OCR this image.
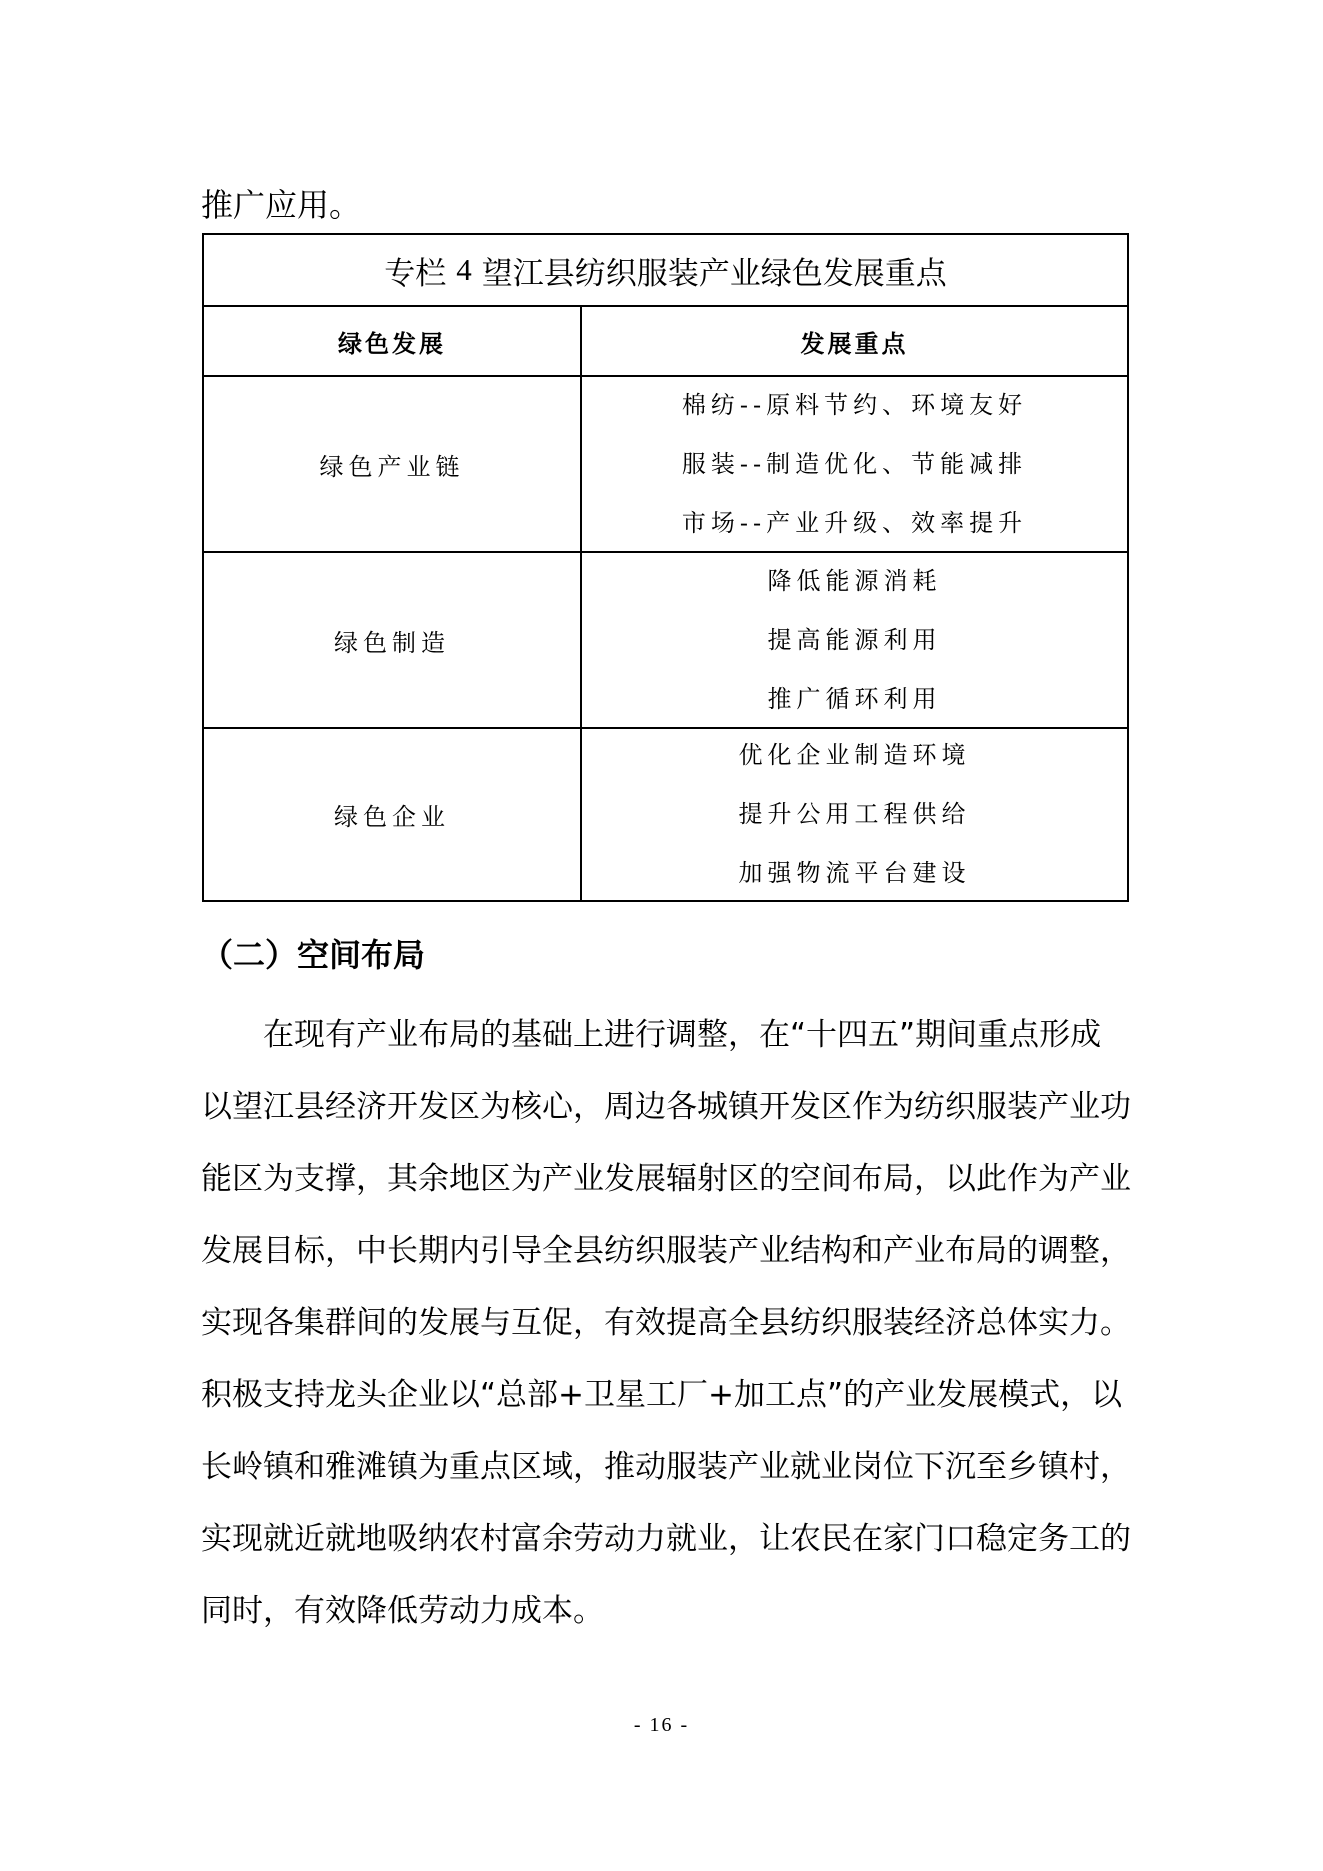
推广应用。
专栏 4 望江县纺织服装产业绿色发展重点
绿色发展	发展重点
绿色产业链
棉纺--原料节约、环境友好
服装--制造优化、节能减排
市场--产业升级、效率提升
绿色制造
降低能源消耗
提高能源利用
推广循环利用
绿色企业
优化企业制造环境
提升公用工程供给
加强物流平台建设
（二）空间布局
在现有产业布局的基础上进行调整，在“十四五”期间重点形成
以望江县经济开发区为核心，周边各城镇开发区作为纺织服装产业功
能区为支撑，其余地区为产业发展辐射区的空间布局，以此作为产业
发展目标，中长期内引导全县纺织服装产业结构和产业布局的调整，
实现各集群间的发展与互促，有效提高全县纺织服装经济总体实力。
积极支持龙头企业以“总部+卫星工厂+加工点”的产业发展模式，以
长岭镇和雅滩镇为重点区域，推动服装产业就业岗位下沉至乡镇村，
实现就近就地吸纳农村富余劳动力就业，让农民在家门口稳定务工的
同时，有效降低劳动力成本。
- 16 -
